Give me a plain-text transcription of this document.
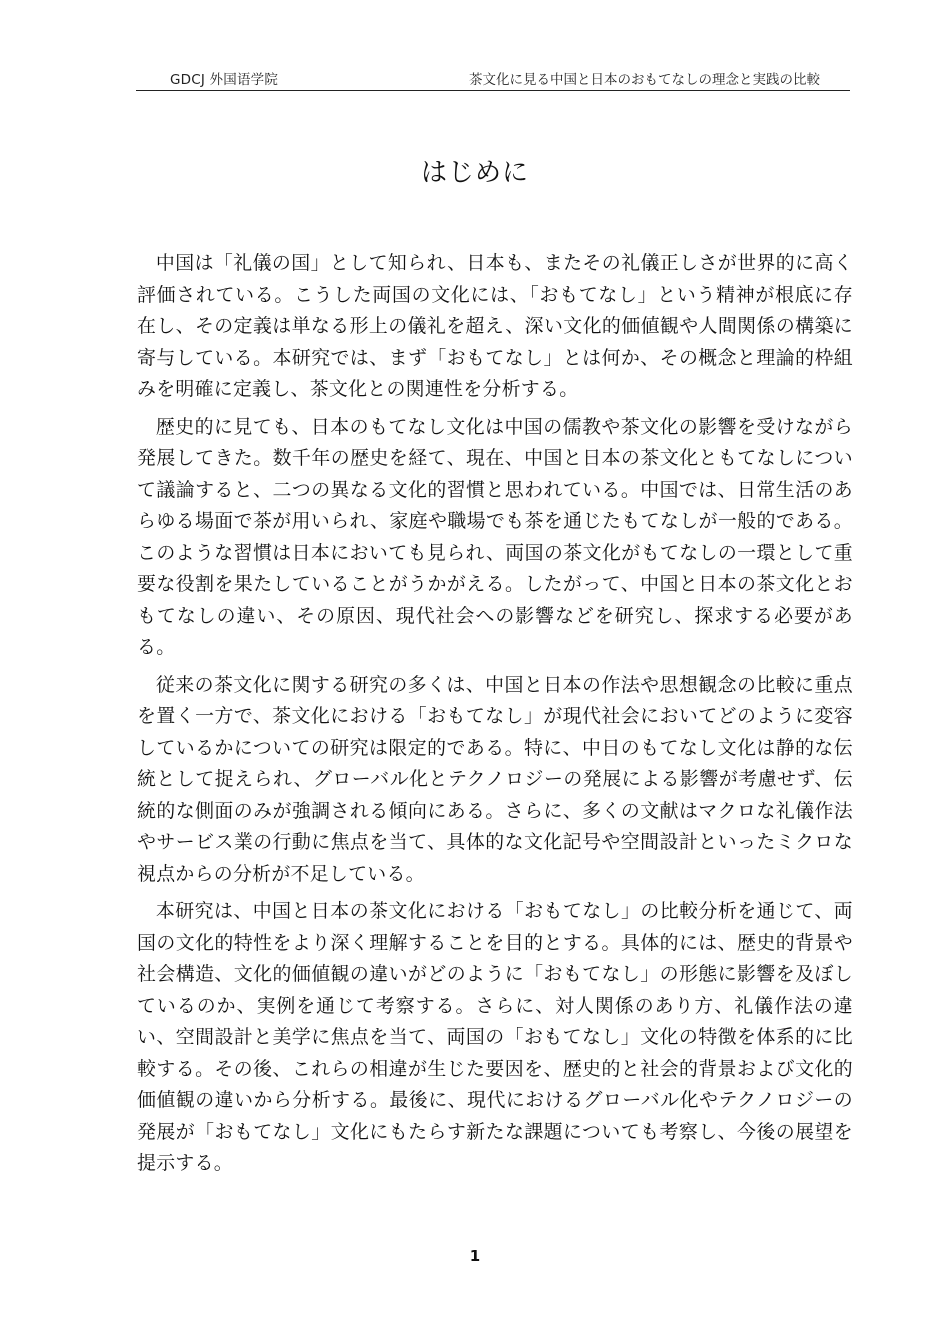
GDCJ 外国语学院	茶文化に見る中国と日本のおもてなしの理念と実践の比較
はじめに

中国は「礼儀の国」として知られ、日本も、またその礼儀正しさが世界的に高く評価されている。こうした両国の文化には、「おもてなし」という精神が根底に存在し、その定義は単なる形上の儀礼を超え、深い文化的価値観や人間関係の構築に寄与している。本研究では、まず「おもてなし」とは何か、その概念と理論的枠組みを明確に定義し、茶文化との関連性を分析する。

歴史的に見ても、日本のもてなし文化は中国の儒教や茶文化の影響を受けながら発展してきた。数千年の歴史を経て、現在、中国と日本の茶文化ともてなしについて議論すると、二つの異なる文化的習慣と思われている。中国では、日常生活のあらゆる場面で茶が用いられ、家庭や職場でも茶を通じたもてなしが一般的である。このような習慣は日本においても見られ、両国の茶文化がもてなしの一環として重要な役割を果たしていることがうかがえる。したがって、中国と日本の茶文化とおもてなしの違い、その原因、現代社会への影響などを研究し、探求する必要がある。

従来の茶文化に関する研究の多くは、中国と日本の作法や思想観念の比較に重点を置く一方で、茶文化における「おもてなし」が現代社会においてどのように変容しているかについての研究は限定的である。特に、中日のもてなし文化は静的な伝統として捉えられ、グローバル化とテクノロジーの発展による影響が考慮せず、伝統的な側面のみが強調される傾向にある。さらに、多くの文献はマクロな礼儀作法やサービス業の行動に焦点を当て、具体的な文化記号や空間設計といったミクロな視点からの分析が不足している。

本研究は、中国と日本の茶文化における「おもてなし」の比較分析を通じて、両国の文化的特性をより深く理解することを目的とする。具体的には、歴史的背景や社会構造、文化的価値観の違いがどのように「おもてなし」の形態に影響を及ぼしているのか、実例を通じて考察する。さらに、対人関係のあり方、礼儀作法の違い、空間設計と美学に焦点を当て、両国の「おもてなし」文化の特徴を体系的に比較する。その後、これらの相違が生じた要因を、歴史的と社会的背景および文化的価値観の違いから分析する。最後に、現代におけるグローバル化やテクノロジーの発展が「おもてなし」文化にもたらす新たな課題についても考察し、今後の展望を提示する。

1
